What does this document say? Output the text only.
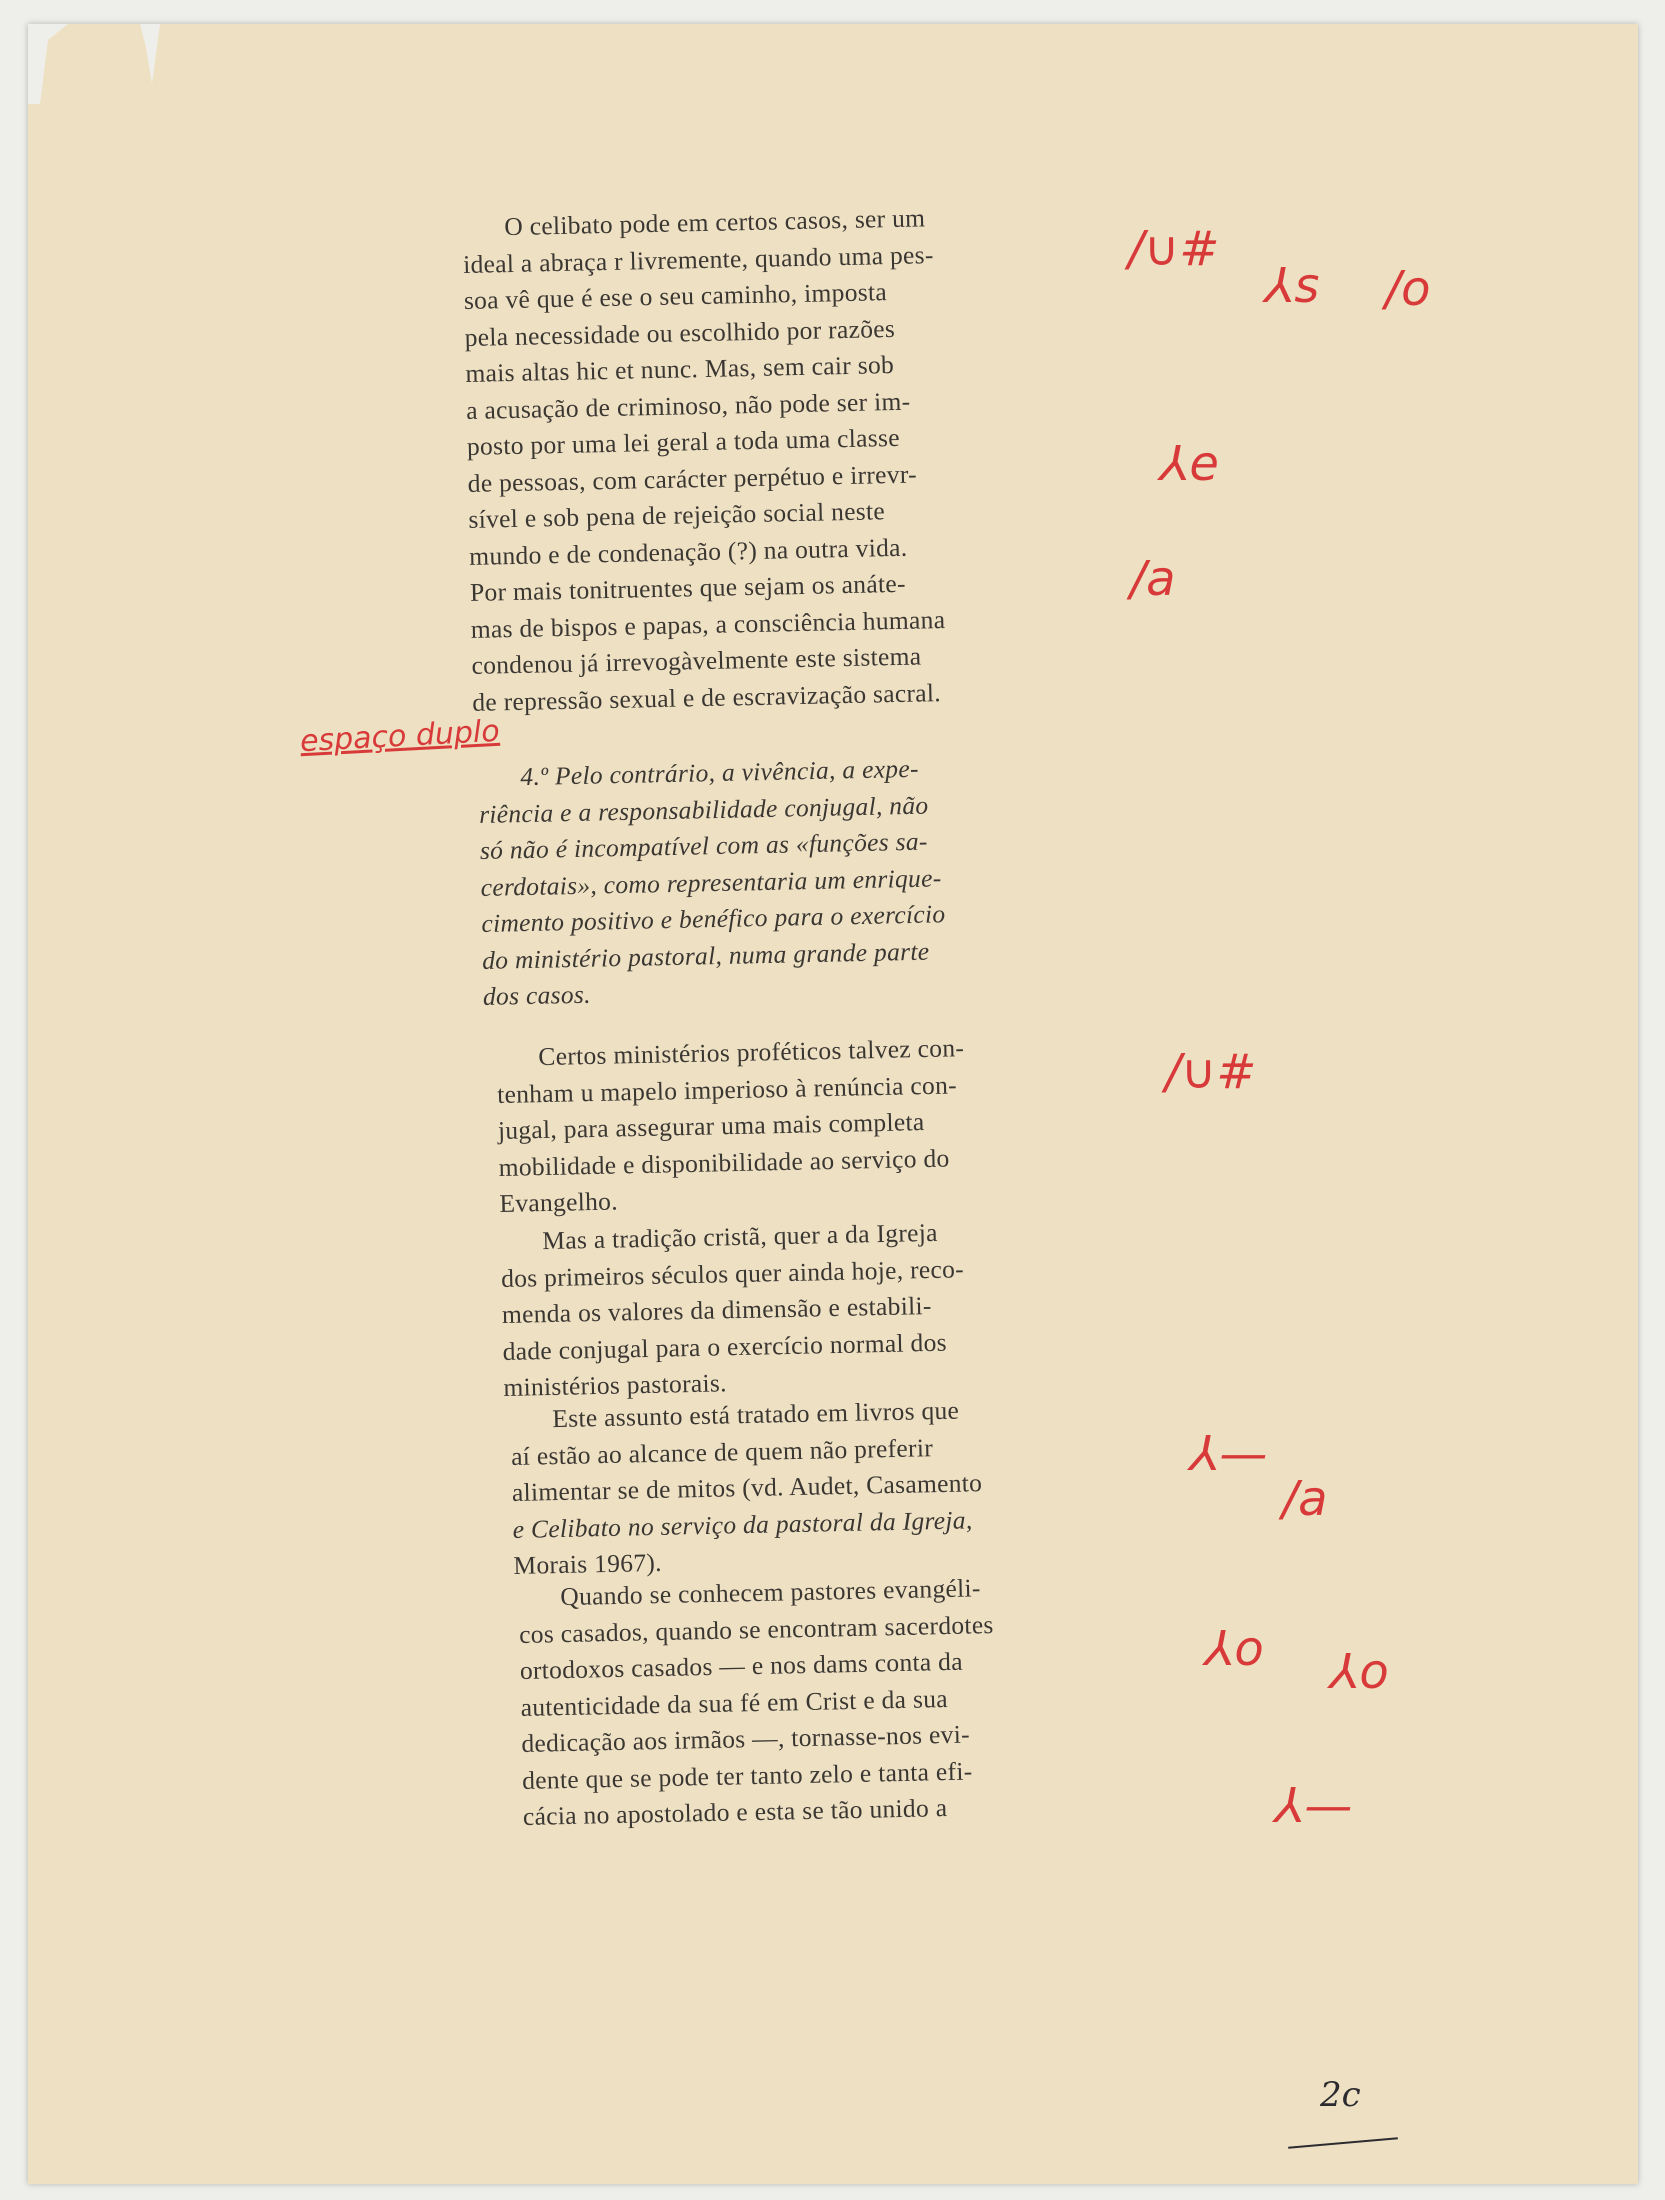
O celibato pode em certos casos, ser um
ideal a abraça r livremente, quando uma pes-
soa vê que é ese o seu caminho, imposta
pela necessidade ou escolhido por razões
mais altas hic et nunc. Mas, sem cair sob
a acusação de criminoso, não pode ser im-
posto por uma lei geral a toda uma classe
de pessoas, com carácter perpétuo e irrevr-
sível e sob pena de rejeição social neste
mundo e de condenação (?) na outra vida.
Por mais tonitruentes que sejam os anáte-
mas de bispos e papas, a consciência humana
condenou já irrevogàvelmente este sistema
de repressão sexual e de escravização sacral.
4.º Pelo contrário, a vivência, a expe-
riência e a responsabilidade conjugal, não
só não é incompatível com as «funções sa-
cerdotais», como representaria um enrique-
cimento positivo e benéfico para o exercício
do ministério pastoral, numa grande parte
dos casos.
Certos ministérios proféticos talvez con-
tenham u mapelo imperioso à renúncia con-
jugal, para assegurar uma mais completa
mobilidade e disponibilidade ao serviço do
Evangelho.
Mas a tradição cristã, quer a da Igreja
dos primeiros séculos quer ainda hoje, reco-
menda os valores da dimensão e estabili-
dade conjugal para o exercício normal dos
ministérios pastorais.
Este assunto está tratado em livros que
aí estão ao alcance de quem não preferir
alimentar se de mitos (vd. Audet, Casamento
e Celibato no serviço da pastoral da Igreja,
Morais 1967).
Quando se conhecem pastores evangéli-
cos casados, quando se encontram sacerdotes
ortodoxos casados — e nos dams conta da
autenticidade da sua fé em Crist e da sua
dedicação aos irmãos —, tornasse-nos evi-
dente que se pode ter tanto zelo e tanta efi-
cácia no apostolado e esta se tão unido a
/∪#
⅄s /o
⅄e
/a
espaço duplo
/∪#
⅄—
/a
⅄o ⅄o
⅄—
2c
